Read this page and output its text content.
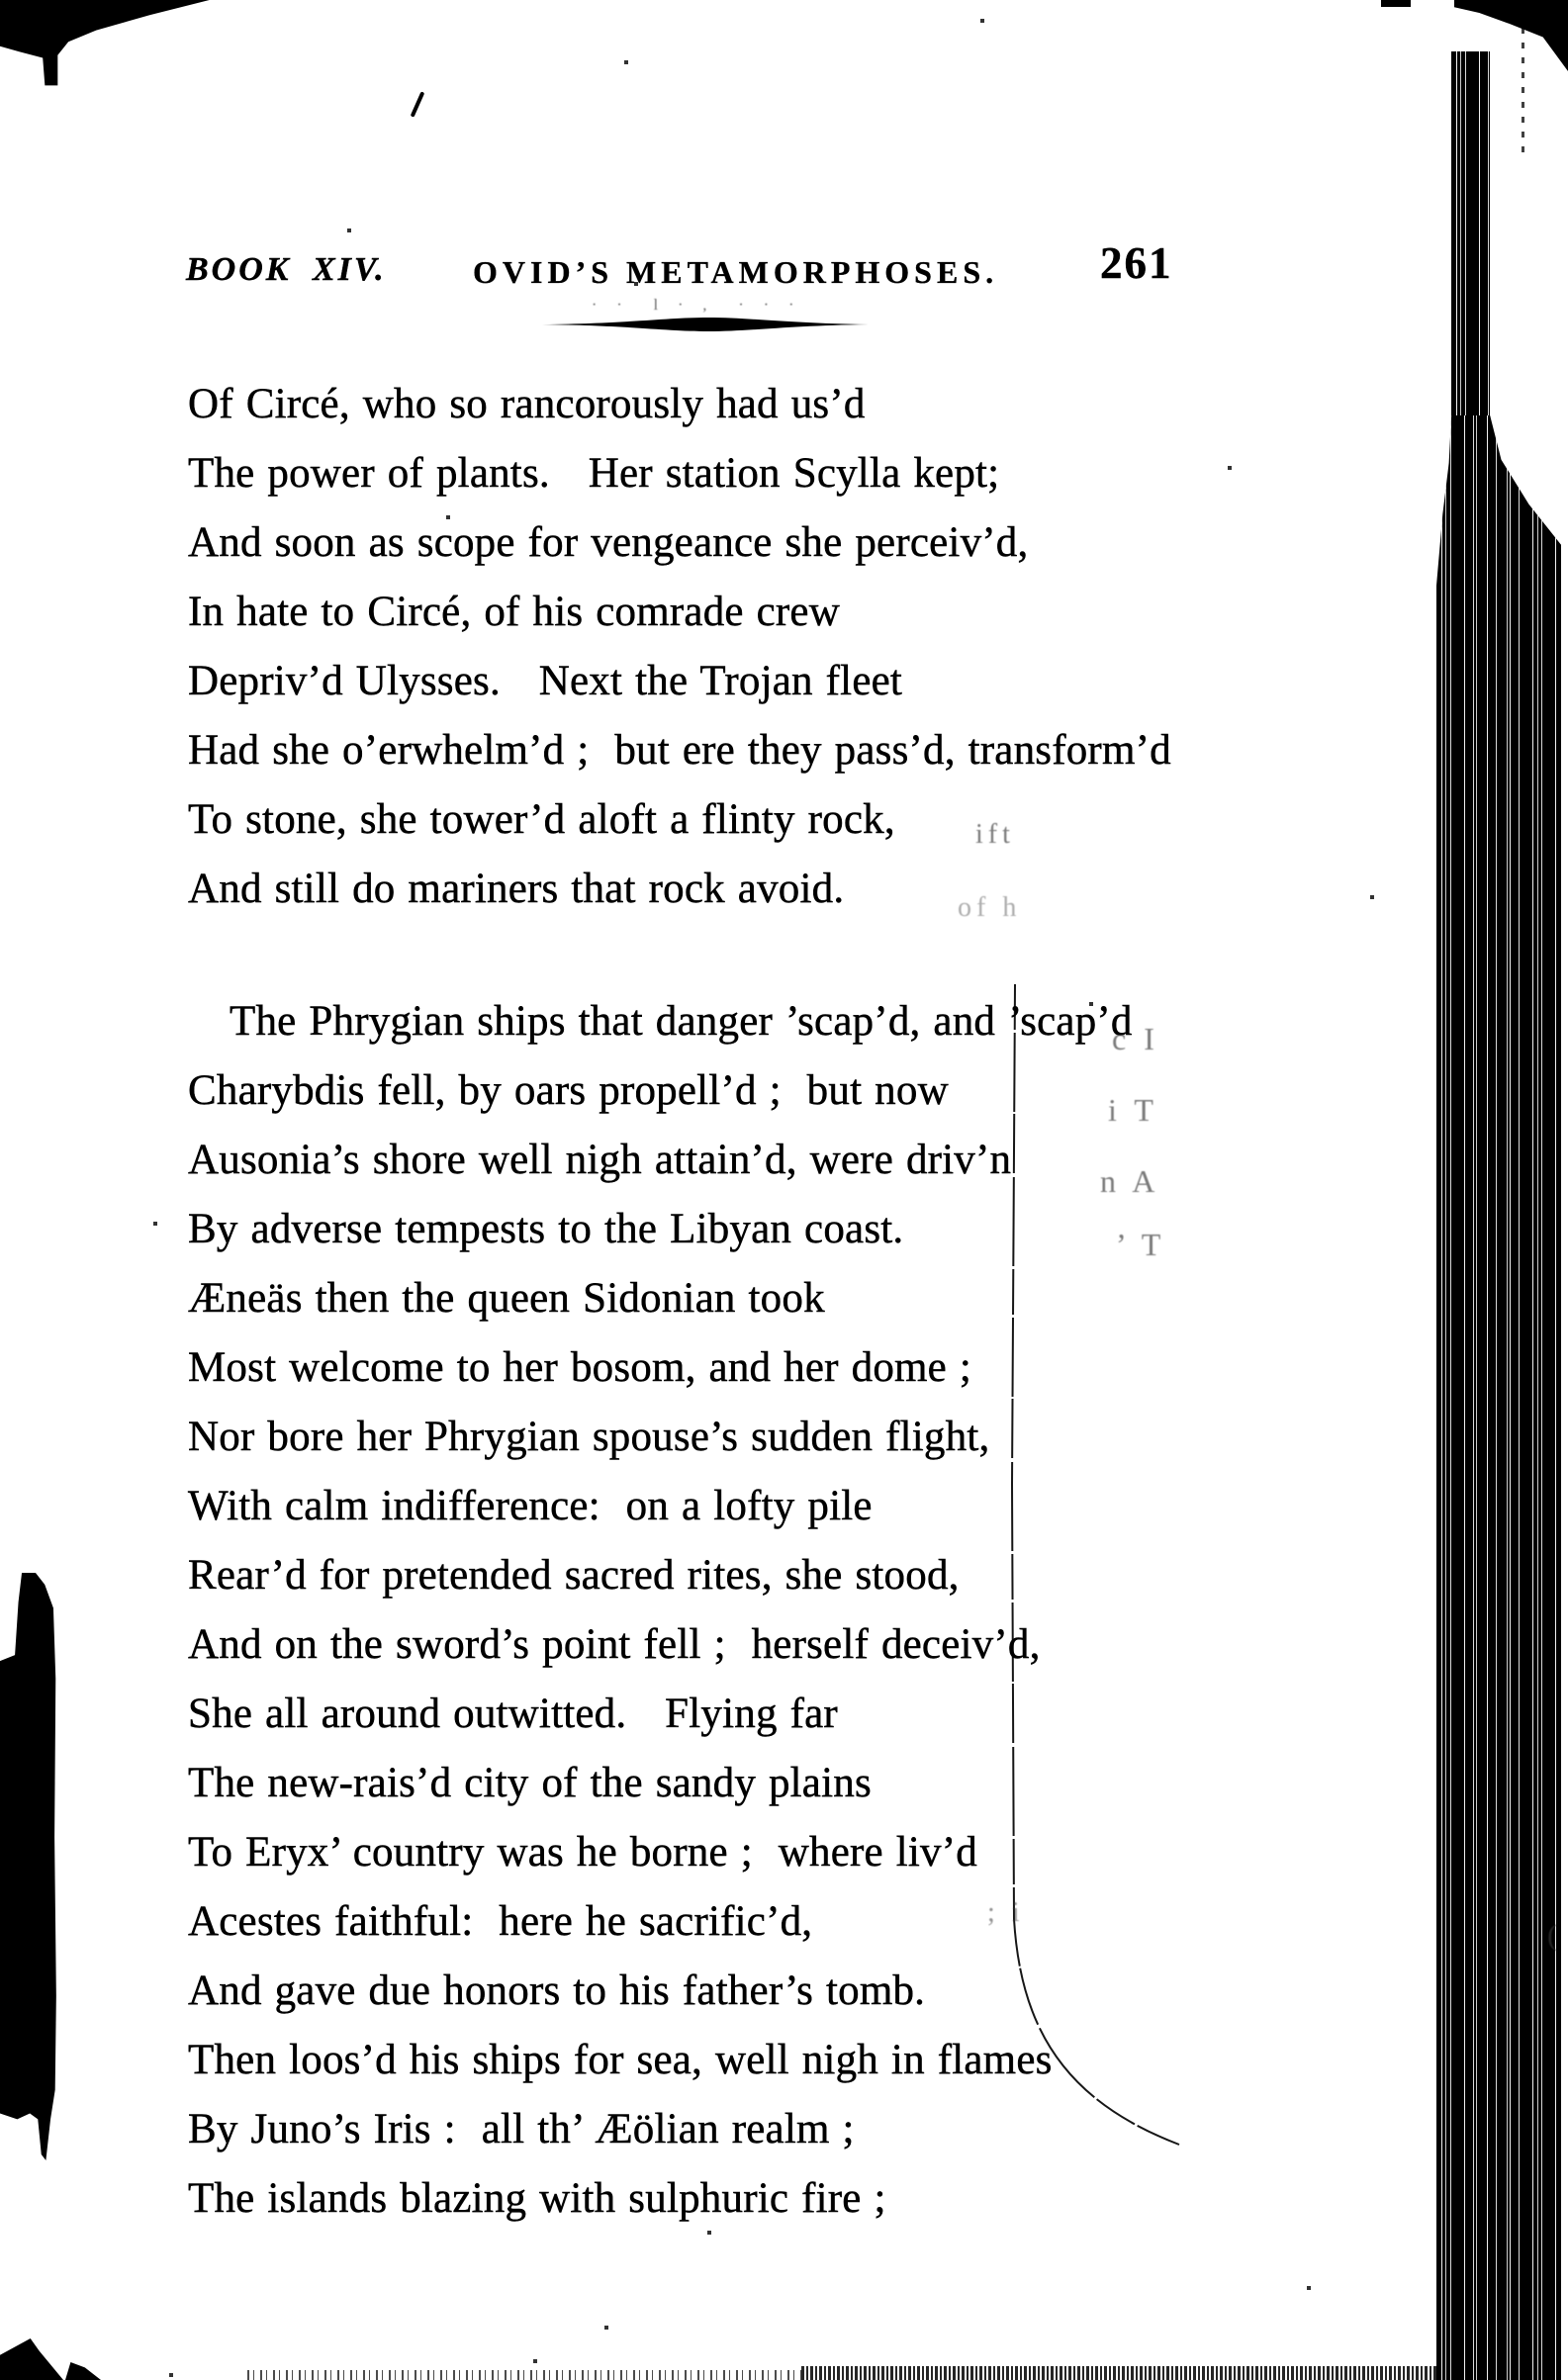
BOOK XIV.	OVID’S METAMORPHOSES. 261

Of Circé, who so rancorously had us’d

The power of plants.   Her station Scylla kept;

And soon as scope for vengeance she perceiv’d,

In hate to Circé, of his comrade crew

Depriv’d Ulysses.   Next the Trojan fleet

Had she o’erwhelm’d ;  but ere they pass’d, transform’d

To stone, she tower’d aloft a flinty rock,

And still do mariners that rock avoid.

The Phrygian ships that danger ’scap’d, and ’scap’d

Charybdis fell, by oars propell’d ;  but now

Ausonia’s shore well nigh attain’d, were driv’n

By adverse tempests to the Libyan coast.

Æneäs then the queen Sidonian took

Most welcome to her bosom, and her dome ;

Nor bore her Phrygian spouse’s sudden flight,

With calm indifference:  on a lofty pile

Rear’d for pretended sacred rites, she stood,

And on the sword’s point fell ;  herself deceiv’d,

She all around outwitted.   Flying far

The new-rais’d city of the sandy plains

To Eryx’ country was he borne ;  where liv’d

Acestes faithful:  here he sacrific’d,

And gave due honors to his father’s tomb.

Then loos’d his ships for sea, well nigh in flames

By Juno’s Iris :  all th’ Æölian realm ;

The islands blazing with sulphuric fire ;

· ·  l · ,  · · ·
ift
of h
c I
i T
n A
’ T
; i
(
